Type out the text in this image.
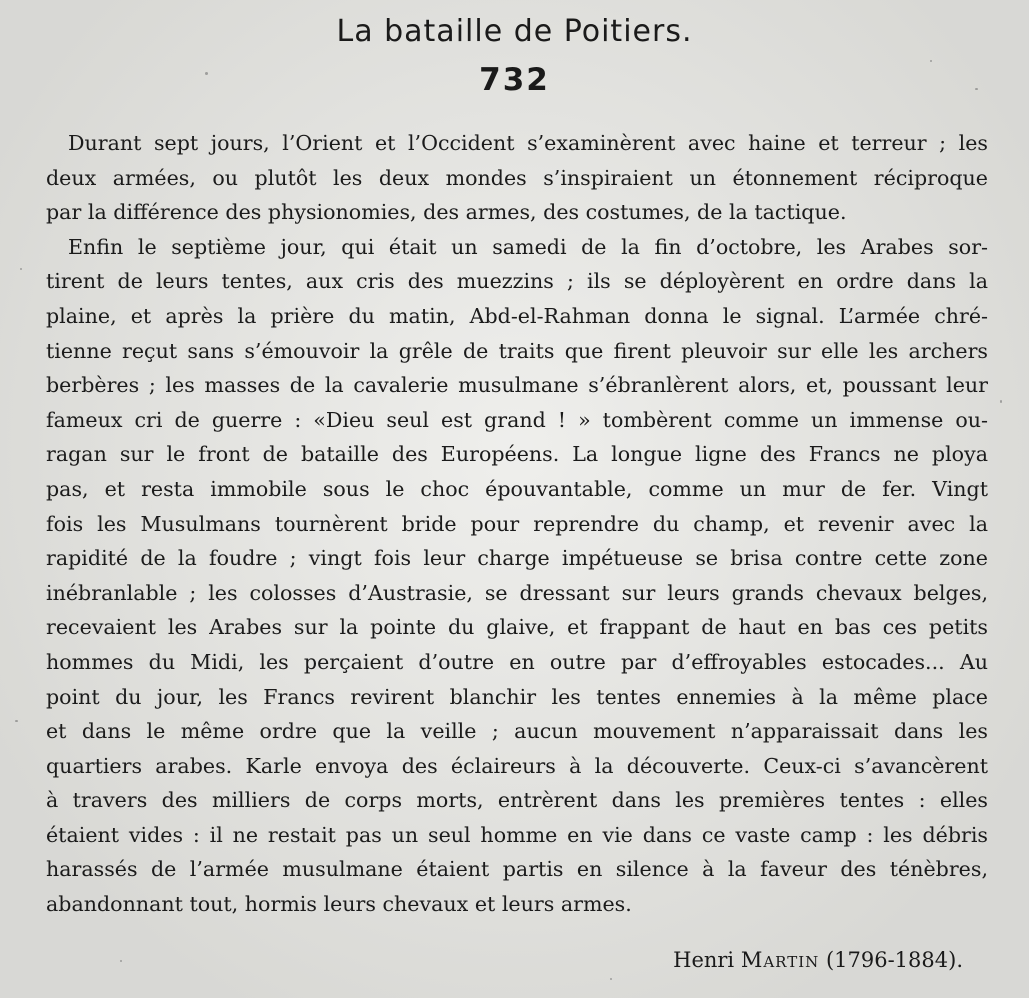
La bataille de Poitiers.
732
Durant sept jours, l’Orient et l’Occident s’examinèrent avec haine et terreur ; les
deux armées, ou plutôt les deux mondes s’inspiraient un étonnement réciproque
par la différence des physionomies, des armes, des costumes, de la tactique.
Enfin le septième jour, qui était un samedi de la fin d’octobre, les Arabes sor-
tirent de leurs tentes, aux cris des muezzins ; ils se déployèrent en ordre dans la
plaine, et après la prière du matin, Abd-el-Rahman donna le signal. L’armée chré-
tienne reçut sans s’émouvoir la grêle de traits que firent pleuvoir sur elle les archers
berbères ; les masses de la cavalerie musulmane s’ébranlèrent alors, et, poussant leur
fameux cri de guerre : «Dieu seul est grand ! » tombèrent comme un immense ou-
ragan sur le front de bataille des Européens. La longue ligne des Francs ne ploya
pas, et resta immobile sous le choc épouvantable, comme un mur de fer. Vingt
fois les Musulmans tournèrent bride pour reprendre du champ, et revenir avec la
rapidité de la foudre ; vingt fois leur charge impétueuse se brisa contre cette zone
inébranlable ; les colosses d’Austrasie, se dressant sur leurs grands chevaux belges,
recevaient les Arabes sur la pointe du glaive, et frappant de haut en bas ces petits
hommes du Midi, les perçaient d’outre en outre par d’effroyables estocades... Au
point du jour, les Francs revirent blanchir les tentes ennemies à la même place
et dans le même ordre que la veille ; aucun mouvement n’apparaissait dans les
quartiers arabes. Karle envoya des éclaireurs à la découverte. Ceux-ci s’avancèrent
à travers des milliers de corps morts, entrèrent dans les premières tentes : elles
étaient vides : il ne restait pas un seul homme en vie dans ce vaste camp : les débris
harassés de l’armée musulmane étaient partis en silence à la faveur des ténèbres,
abandonnant tout, hormis leurs chevaux et leurs armes.
Henri Martin (1796-1884).
